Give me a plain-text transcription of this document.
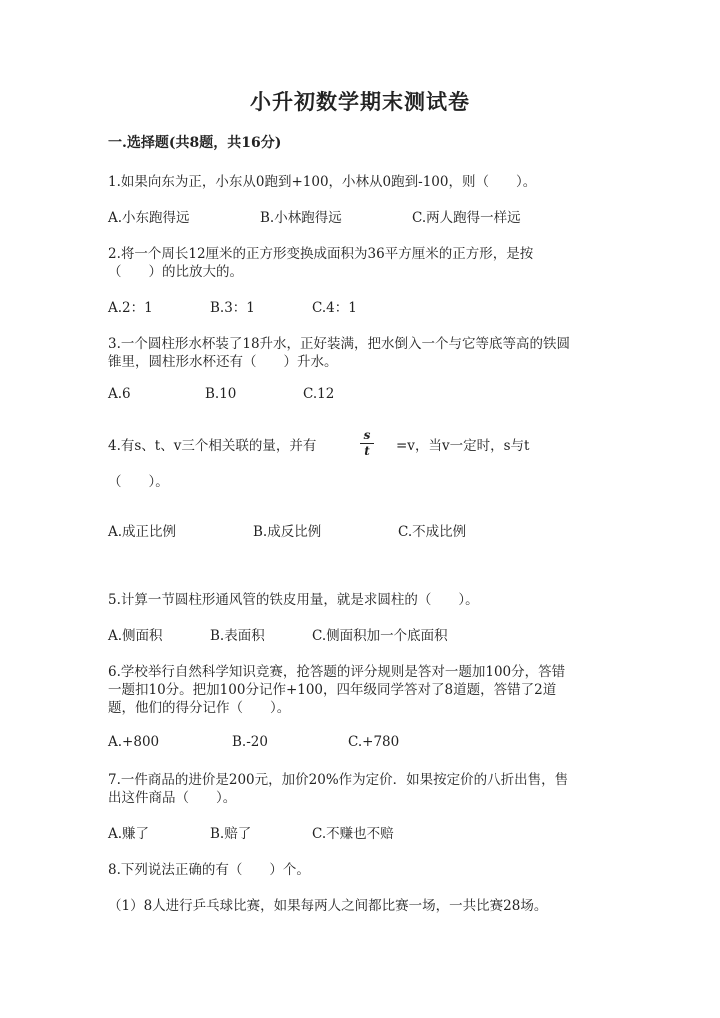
小升初数学期末测试卷
一.选择题(共8题，共16分)
1.如果向东为正，小东从0跑到+100，小林从0跑到-100，则（　　）。
A.小东跑得远	B.小林跑得远	C.两人跑得一样远
2.将一个周长12厘米的正方形变换成面积为36平方厘米的正方形，是按
（　　）的比放大的。
A.2：1	B.3：1	C.4：1
3.一个圆柱形水杯装了18升水，正好装满，把水倒入一个与它等底等高的铁圆
锥里，圆柱形水杯还有（　　）升水。
A.6	B.10	C.12
4.有s、t、v三个相关联的量，并有
s
t	=v，当v一定时，s与t
（　　）。
A.成正比例	B.成反比例	C.不成比例
5.计算一节圆柱形通风管的铁皮用量，就是求圆柱的（　　）。
A.侧面积	B.表面积	C.侧面积加一个底面积
6.学校举行自然科学知识竞赛，抢答题的评分规则是答对一题加100分，答错
一题扣10分。把加100分记作+100，四年级同学答对了8道题，答错了2道
题，他们的得分记作（　　）。
A.+800	B.-20	C.+780
7.一件商品的进价是200元，加价20%作为定价．如果按定价的八折出售，售
出这件商品（　　）。
A.赚了	B.赔了	C.不赚也不赔
8.下列说法正确的有（　　）个。
（1）8人进行乒乓球比赛，如果每两人之间都比赛一场，一共比赛28场。
